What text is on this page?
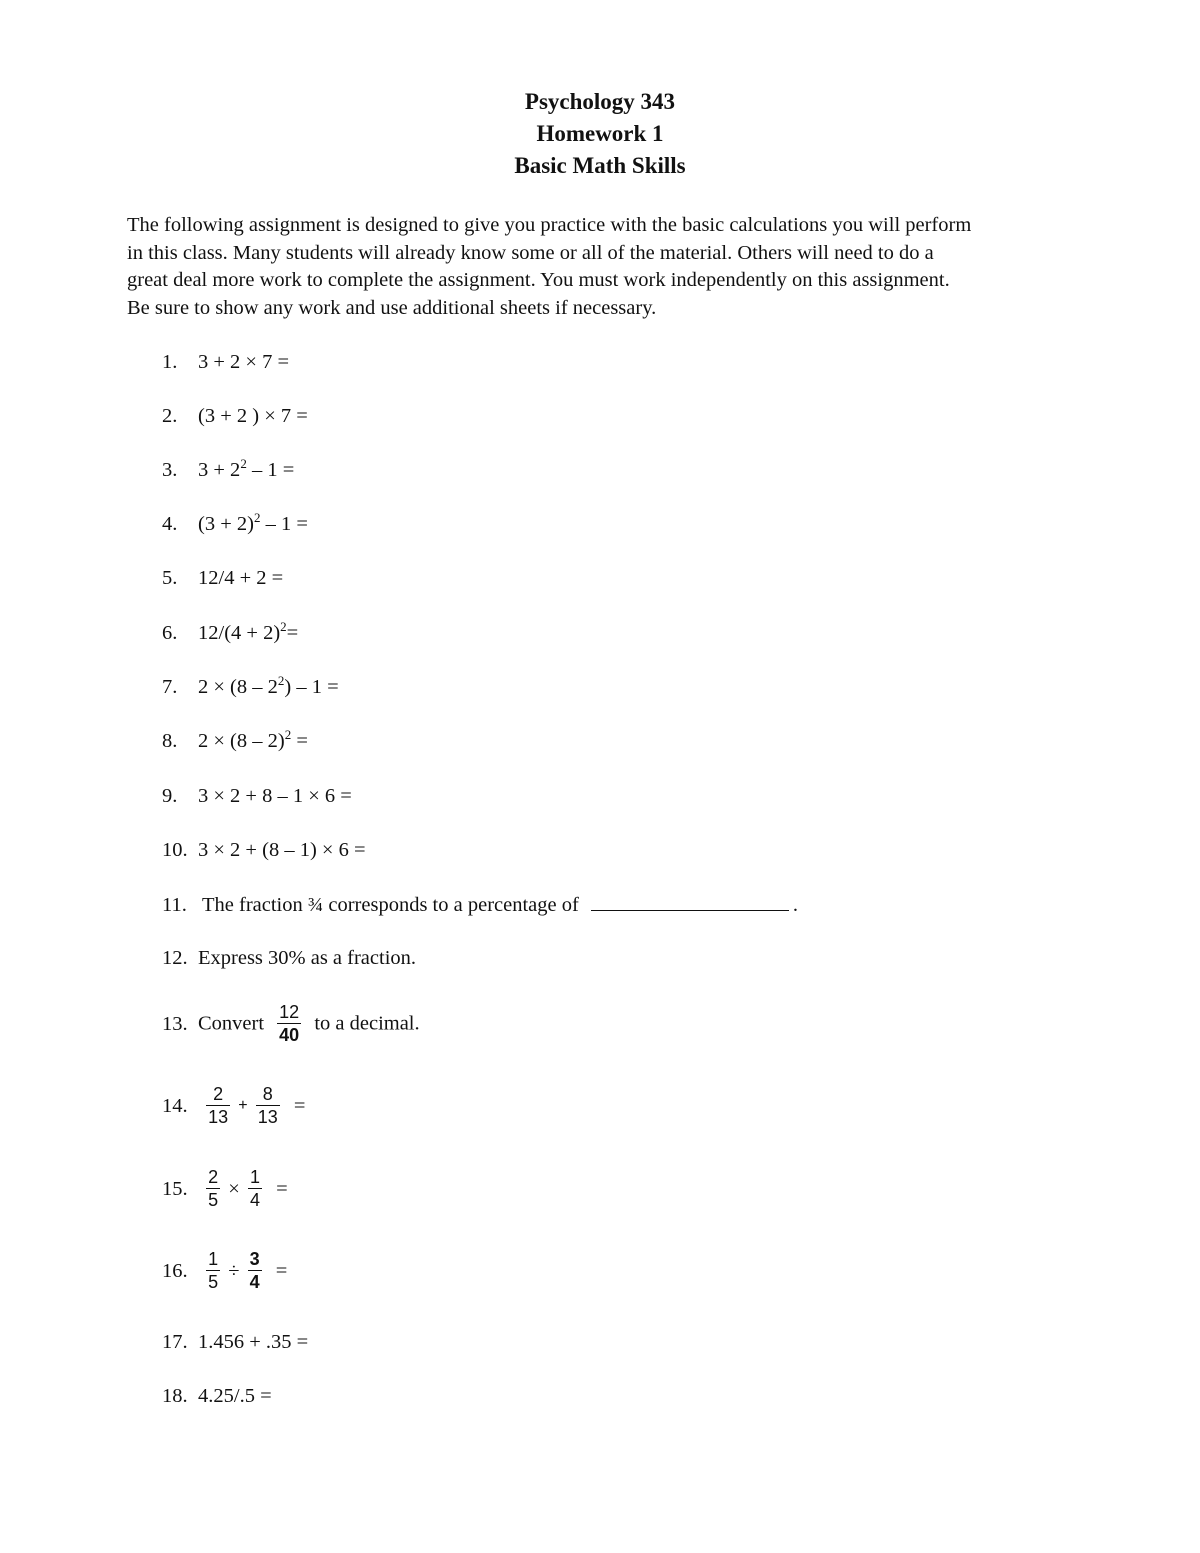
Psychology 343
Homework 1
Basic Math Skills
The following assignment is designed to give you practice with the basic calculations you will perform
in this class. Many students will already know some or all of the material. Others will need to do a
great deal more work to complete the assignment. You must work independently on this assignment.
Be sure to show any work and use additional sheets if necessary.
1. 3 + 2 × 7 =
2. (3 + 2 ) × 7 =
3. $3 + 2^2 - 1$ =
4. $(3 + 2)^2 - 1$ =
5. 12/4 + 2 =
6. $12/(4 + 2)^2=$
7. $2 \times (8 - 2^2) - 1$ =
8. 2 × (8 – 2)$^2$ =
9. 3 × 2 + 8 – 1 × 6 =
10. 3 × 2 + (8 – 1) × 6 =
11. The fraction ¾ corresponds to a percentage of	.
12. Express 30% as a fraction.
13. Convert $\frac{12}{40}$ to a decimal.
14. $\frac{2}{13} + \frac{8}{13}$ =
15. $\frac{2}{5} \times \frac{1}{4}$ =
16. $\frac{1}{5} \div \frac{3}{4}$ =
17. 1.456 + .35 =
18. 4.25/.5 =
